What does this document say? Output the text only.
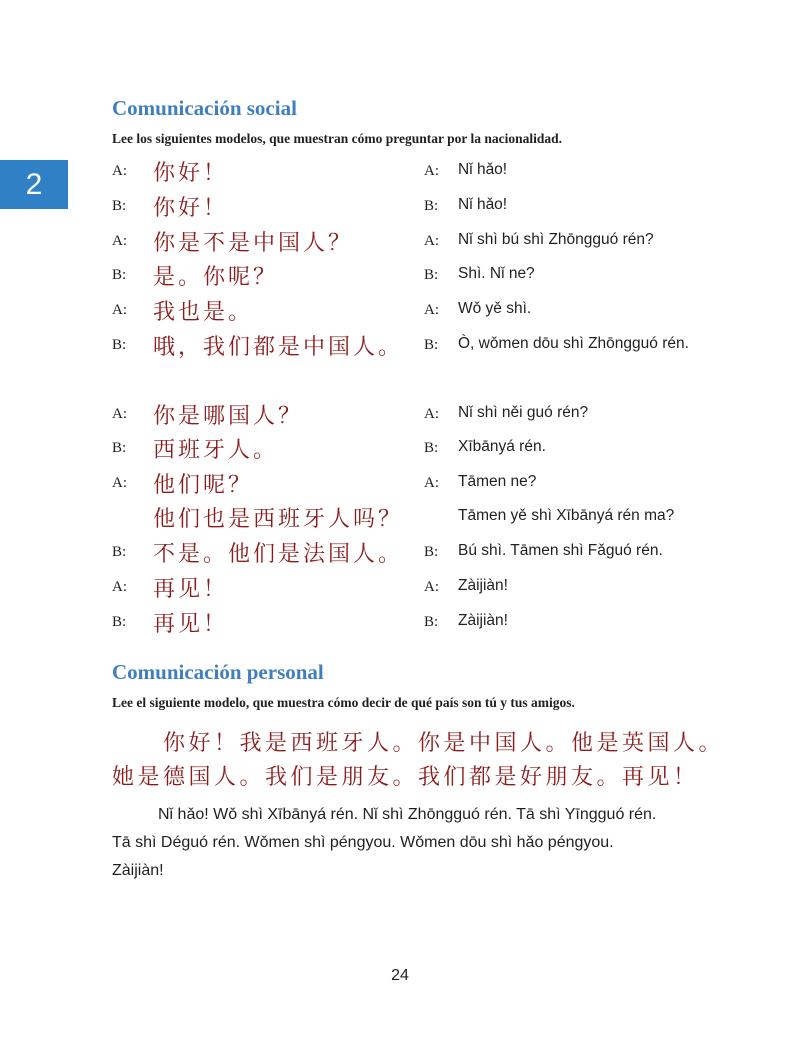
2
Comunicación social

Lee los siguientes modelos, que muestran cómo preguntar por la nacionalidad.

A: 你好！	A: Nǐ hǎo!
B: 你好！	B: Nǐ hǎo!
A: 你是不是中国人？	A: Nǐ shì bú shì Zhōngguó rén?
B: 是。你呢？	B: Shì. Nǐ ne?
A: 我也是。	A: Wǒ yě shì.
B: 哦，我们都是中国人。 B: Ò, wǒmen dōu shì Zhōngguó rén.
A: 你是哪国人？	A: Nǐ shì něi guó rén?
B: 西班牙人。	B: Xībānyá rén.
A: 他们呢？	A: Tāmen ne?
他们也是西班牙人吗？	Tāmen yě shì Xībānyá rén ma?
B: 不是。他们是法国人。 B: Bú shì. Tāmen shì Fǎguó rén.
A: 再见！	A: Zàijiàn!
B: 再见！	B: Zàijiàn!
Comunicación personal

Lee el siguiente modelo, que muestra cómo decir de qué país son tú y tus amigos.

　　你好！我是西班牙人。你是中国人。他是英国人。
她是德国人。我们是朋友。我们都是好朋友。再见！
Nǐ hǎo! Wǒ shì Xībānyá rén. Nǐ shì Zhōngguó rén. Tā shì Yīngguó rén.
Tā shì Déguó rén. Wǒmen shì péngyou. Wǒmen dōu shì hǎo péngyou.
Zàijiàn!
24
